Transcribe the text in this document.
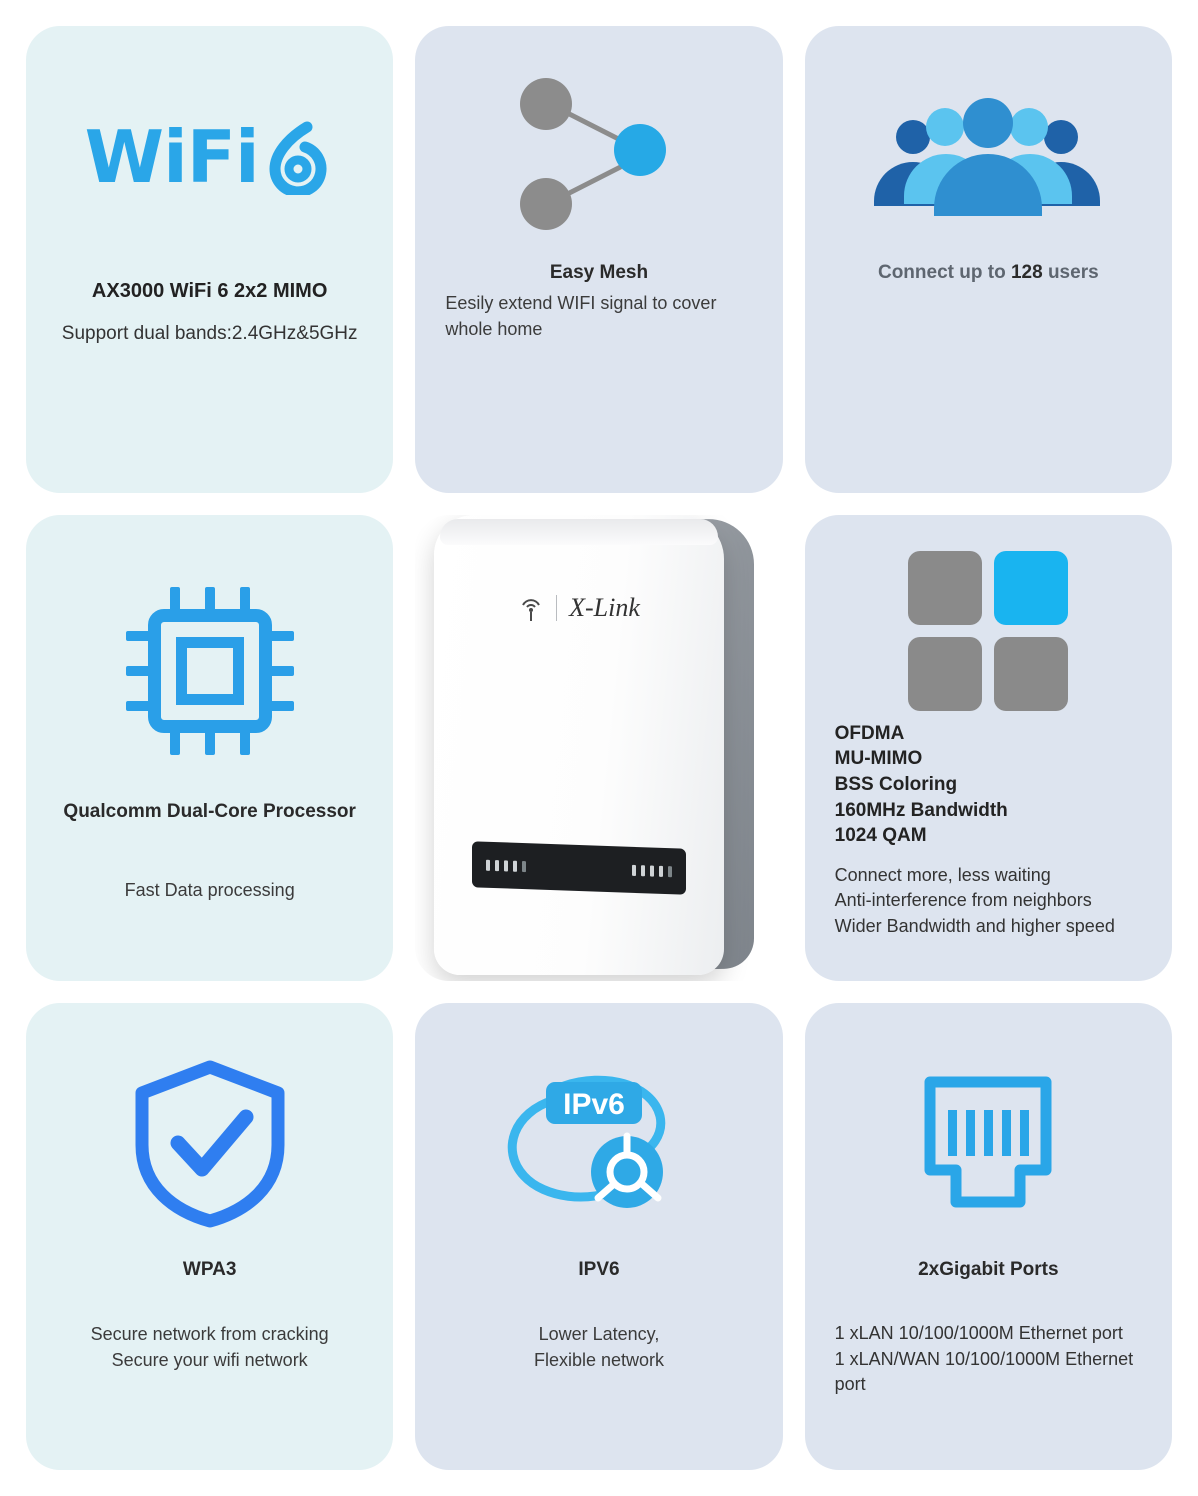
WiFi
AX3000 WiFi 6 2x2 MIMO
Support dual bands:2.4GHz&5GHz
Easy Mesh
Eesily extend WIFI signal to cover whole home
Connect up to 128 users
Qualcomm Dual-Core Processor
Fast Data processing
X-Link
OFDMA
MU-MIMO
BSS Coloring
160MHz Bandwidth
1024 QAM
Connect more, less waiting
Anti-interference from neighbors
Wider Bandwidth and higher speed
WPA3
Secure network from cracking
Secure your wifi network
IPv6
IPV6
Lower Latency,
Flexible network
2xGigabit Ports
1 xLAN 10/100/1000M Ethernet port
1 xLAN/WAN 10/100/1000M Ethernet port
